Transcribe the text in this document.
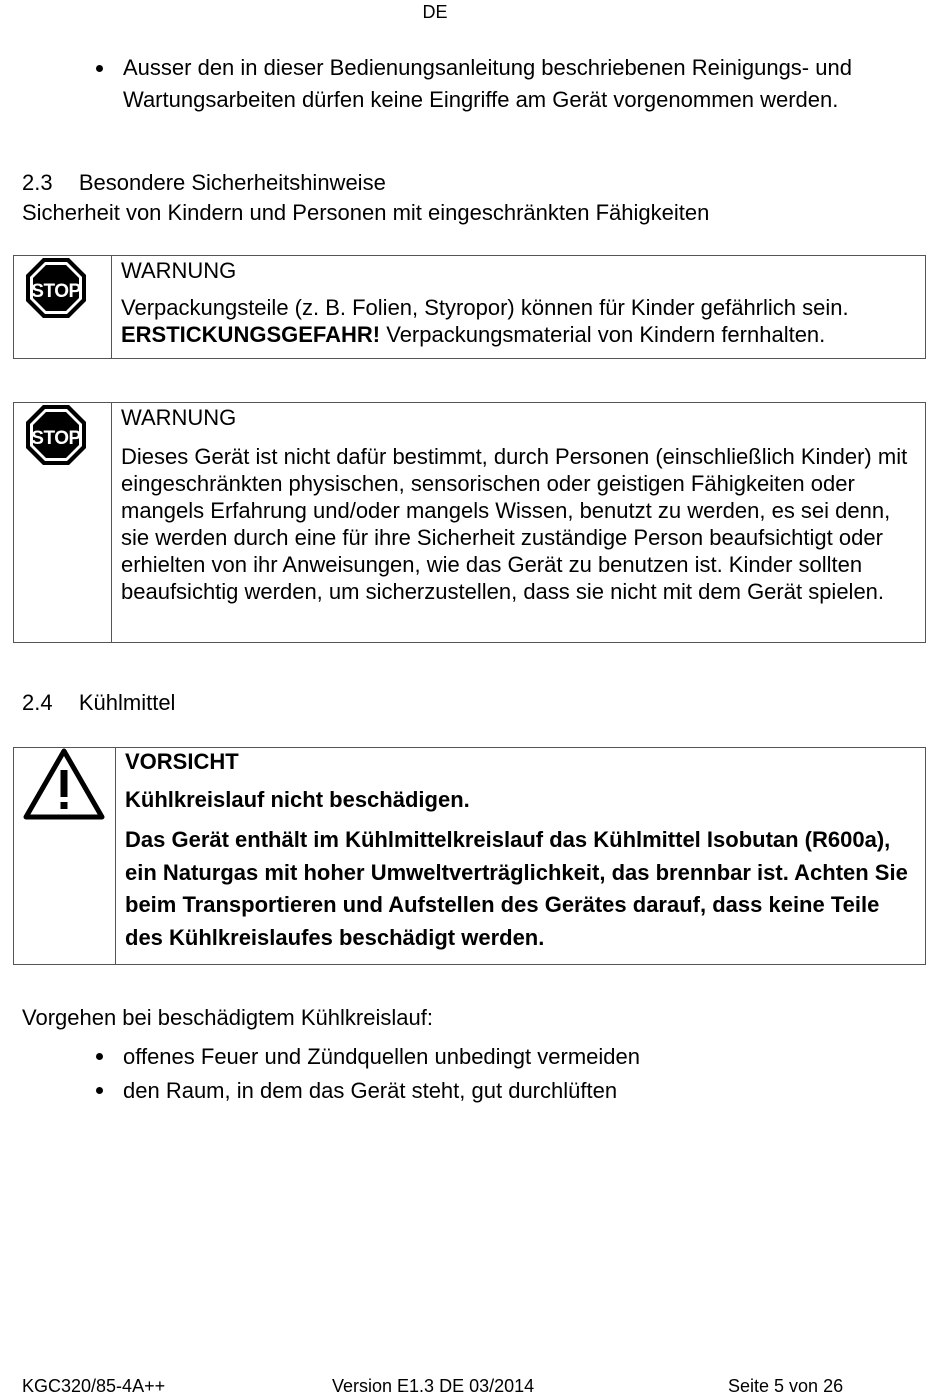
DE
Ausser den in dieser Bedienungsanleitung beschriebenen Reinigungs- und Wartungsarbeiten dürfen keine Eingriffe am Gerät vorgenommen werden.
2.3 Besondere Sicherheitshinweise
Sicherheit von Kindern und Personen mit eingeschränkten Fähigkeiten
STOP
WARNUNG

Verpackungsteile (z. B. Folien, Styropor) können für Kinder gefährlich sein.

ERSTICKUNGSGEFAHR! Verpackungsmaterial von Kindern fernhalten.

STOP
WARNUNG

Dieses Gerät ist nicht dafür bestimmt, durch Personen (einschließlich Kinder) mit eingeschränkten physischen, sensorischen oder geistigen Fähigkeiten oder mangels Erfahrung und/oder mangels Wissen, benutzt zu werden, es sei denn, sie werden durch eine für ihre Sicherheit zuständige Person beaufsichtigt oder erhielten von ihr Anweisungen, wie das Gerät zu benutzen ist. Kinder sollten beaufsichtig werden, um sicherzustellen, dass sie nicht mit dem Gerät spielen.

2.4 Kühlmittel
VORSICHT

Kühlkreislauf nicht beschädigen.

Das Gerät enthält im Kühlmittelkreislauf das Kühlmittel Isobutan (R600a), ein Naturgas mit hoher Umweltverträglichkeit, das brennbar ist. Achten Sie beim Transportieren und Aufstellen des Gerätes darauf, dass keine Teile des Kühlkreislaufes beschädigt werden.

Vorgehen bei beschädigtem Kühlkreislauf:
offenes Feuer und Zündquellen unbedingt vermeiden
den Raum, in dem das Gerät steht, gut durchlüften
KGC320/85-4A++	Version E1.3 DE 03/2014	Seite 5 von 26
